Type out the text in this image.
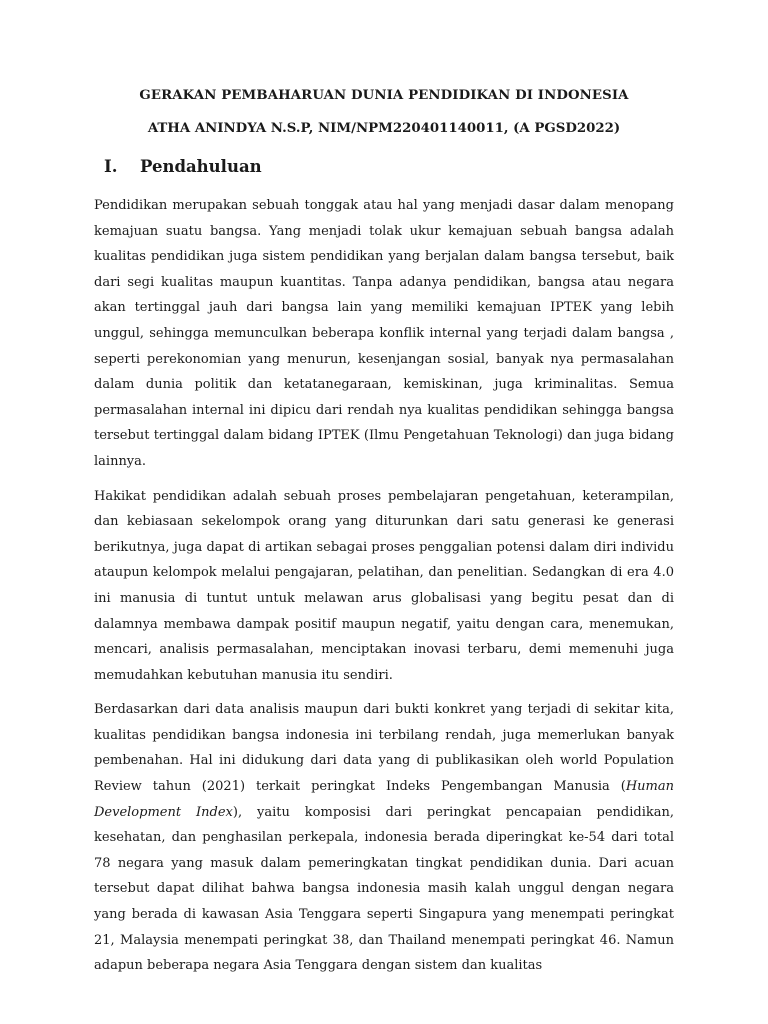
GERAKAN PEMBAHARUAN DUNIA PENDIDIKAN DI INDONESIA

ATHA ANINDYA N.S.P, NIM/NPM220401140011, (A PGSD2022)

I.	Pendahuluan

Pendidikan merupakan sebuah tonggak atau hal yang menjadi dasar dalam menopang kemajuan suatu bangsa. Yang menjadi tolak ukur kemajuan sebuah bangsa adalah kualitas pendidikan juga sistem pendidikan yang berjalan dalam bangsa tersebut, baik dari segi kualitas maupun kuantitas. Tanpa adanya pendidikan, bangsa atau negara akan tertinggal jauh dari bangsa lain yang memiliki kemajuan IPTEK yang lebih unggul, sehingga memunculkan beberapa konflik internal yang terjadi dalam bangsa , seperti perekonomian yang menurun, kesenjangan sosial, banyak nya permasalahan dalam dunia politik dan ketatanegaraan, kemiskinan, juga kriminalitas. Semua permasalahan internal ini dipicu dari rendah nya kualitas pendidikan sehingga bangsa tersebut tertinggal dalam bidang IPTEK (Ilmu Pengetahuan Teknologi) dan juga bidang lainnya.

Hakikat pendidikan adalah sebuah proses pembelajaran pengetahuan, keterampilan, dan kebiasaan sekelompok orang yang diturunkan dari satu generasi ke generasi berikutnya, juga dapat di artikan sebagai proses penggalian potensi dalam diri individu ataupun kelompok melalui pengajaran, pelatihan, dan penelitian. Sedangkan di era 4.0 ini manusia di tuntut untuk melawan arus globalisasi yang begitu pesat dan di dalamnya membawa dampak positif maupun negatif, yaitu dengan cara, menemukan, mencari, analisis permasalahan, menciptakan inovasi terbaru, demi memenuhi juga memudahkan kebutuhan manusia itu sendiri.

Berdasarkan dari data analisis maupun dari bukti konkret yang terjadi di sekitar kita, kualitas pendidikan bangsa indonesia ini terbilang rendah, juga memerlukan banyak pembenahan. Hal ini didukung dari data yang di publikasikan oleh world Population Review tahun (2021) terkait peringkat Indeks Pengembangan Manusia (Human Development Index), yaitu komposisi dari peringkat pencapaian pendidikan, kesehatan, dan penghasilan perkepala, indonesia berada diperingkat ke-54 dari total 78 negara yang masuk dalam pemeringkatan tingkat pendidikan dunia. Dari acuan tersebut dapat dilihat bahwa bangsa indonesia masih kalah unggul dengan negara yang berada di kawasan Asia Tenggara seperti Singapura yang menempati peringkat 21, Malaysia menempati peringkat 38, dan Thailand menempati peringkat 46. Namun adapun beberapa negara Asia Tenggara dengan sistem dan kualitas
